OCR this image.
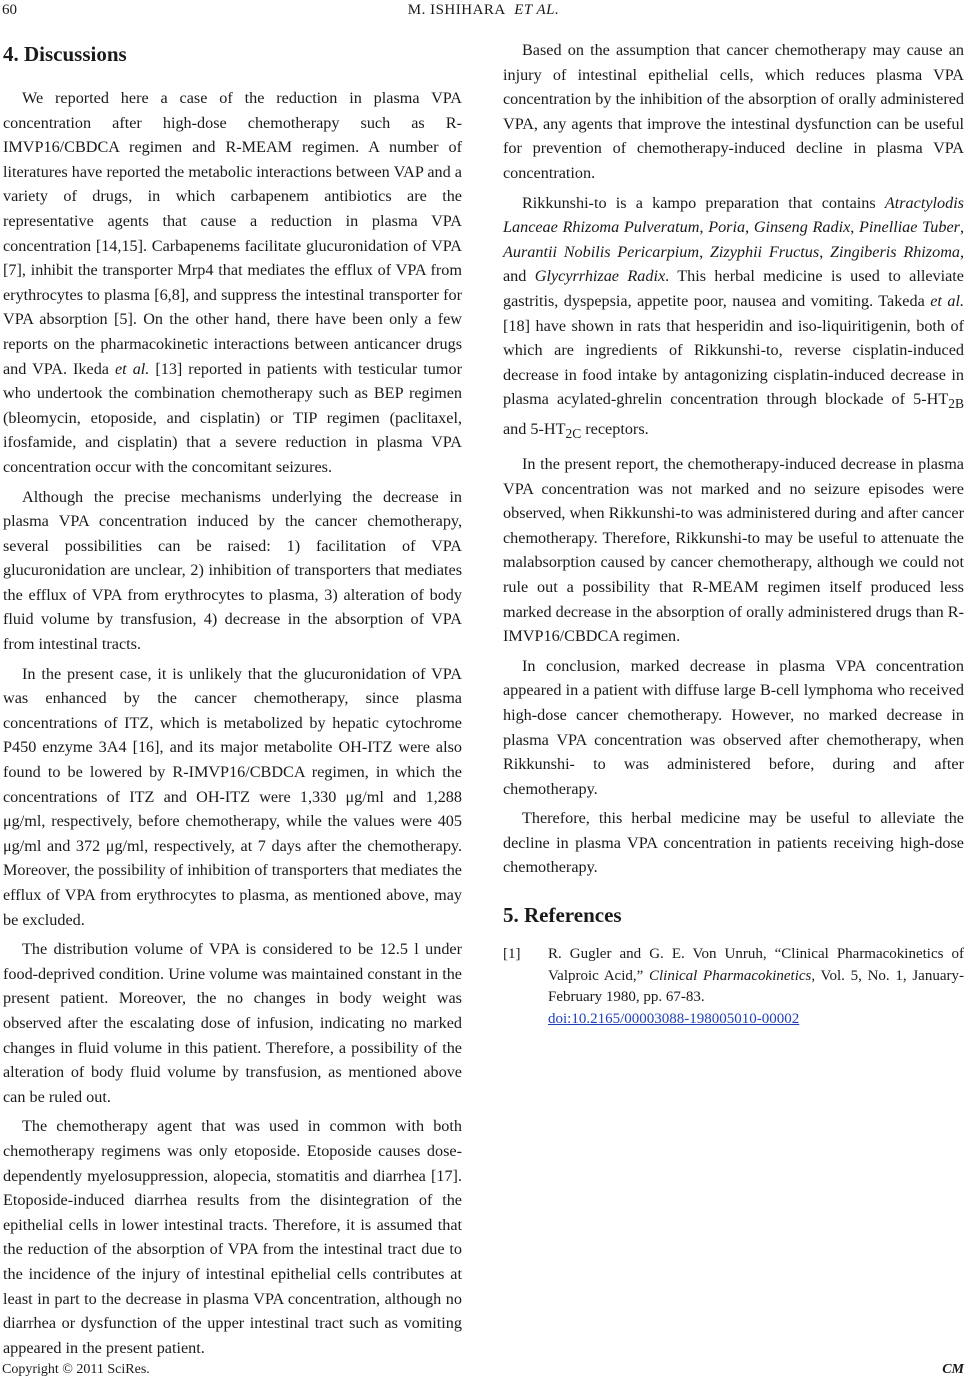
60	M. ISHIHARA ET AL.
4. Discussions

We reported here a case of the reduction in plasma VPA concentration after high-dose chemotherapy such as R-IMVP16/CBDCA regimen and R-MEAM regimen. A number of literatures have reported the metabolic interactions between VAP and a variety of drugs, in which carbapenem antibiotics are the representative agents that cause a reduction in plasma VPA concentration [14,15]. Carbapenems facilitate glucuronidation of VPA [7], inhibit the transporter Mrp4 that mediates the efflux of VPA from erythrocytes to plasma [6,8], and suppress the intestinal transporter for VPA absorption [5]. On the other hand, there have been only a few reports on the pharmacokinetic interactions between anticancer drugs and VPA. Ikeda et al. [13] reported in patients with testicular tumor who undertook the combination chemotherapy such as BEP regimen (bleomycin, etoposide, and cisplatin) or TIP regimen (paclitaxel, ifosfamide, and cisplatin) that a severe reduction in plasma VPA concentration occur with the concomitant seizures.

Although the precise mechanisms underlying the decrease in plasma VPA concentration induced by the cancer chemotherapy, several possibilities can be raised: 1) facilitation of VPA glucuronidation are unclear, 2) inhibition of transporters that mediates the efflux of VPA from erythrocytes to plasma, 3) alteration of body fluid volume by transfusion, 4) decrease in the absorption of VPA from intestinal tracts.

In the present case, it is unlikely that the glucuronidation of VPA was enhanced by the cancer chemotherapy, since plasma concentrations of ITZ, which is metabolized by hepatic cytochrome P450 enzyme 3A4 [16], and its major metabolite OH-ITZ were also found to be lowered by R-IMVP16/CBDCA regimen, in which the concentrations of ITZ and OH-ITZ were 1,330 μg/ml and 1,288 μg/ml, respectively, before chemotherapy, while the values were 405 μg/ml and 372 μg/ml, respectively, at 7 days after the chemotherapy. Moreover, the possibility of inhibition of transporters that mediates the efflux of VPA from erythrocytes to plasma, as mentioned above, may be excluded.

The distribution volume of VPA is considered to be 12.5 l under food-deprived condition. Urine volume was maintained constant in the present patient. Moreover, the no changes in body weight was observed after the escalating dose of infusion, indicating no marked changes in fluid volume in this patient. Therefore, a possibility of the alteration of body fluid volume by transfusion, as mentioned above can be ruled out.

The chemotherapy agent that was used in common with both chemotherapy regimens was only etoposide. Etoposide causes dose-dependently myelosuppression, alopecia, stomatitis and diarrhea [17]. Etoposide-induced diarrhea results from the disintegration of the epithelial cells in lower intestinal tracts. Therefore, it is assumed that the reduction of the absorption of VPA from the intestinal tract due to the incidence of the injury of intestinal epithelial cells contributes at least in part to the decrease in plasma VPA concentration, although no diarrhea or dysfunction of the upper intestinal tract such as vomiting appeared in the present patient.

Based on the assumption that cancer chemotherapy may cause an injury of intestinal epithelial cells, which reduces plasma VPA concentration by the inhibition of the absorption of orally administered VPA, any agents that improve the intestinal dysfunction can be useful for prevention of chemotherapy-induced decline in plasma VPA concentration.

Rikkunshi-to is a kampo preparation that contains Atractylodis Lanceae Rhizoma Pulveratum, Poria, Ginseng Radix, Pinelliae Tuber, Aurantii Nobilis Pericarpium, Zizyphii Fructus, Zingiberis Rhizoma, and Glycyrrhizae Radix. This herbal medicine is used to alleviate gastritis, dyspepsia, appetite poor, nausea and vomiting. Takeda et al. [18] have shown in rats that hesperidin and iso-liquiritigenin, both of which are ingredients of Rikkunshi-to, reverse cisplatin-induced decrease in food intake by antagonizing cisplatin-induced decrease in plasma acylated-ghrelin concentration through blockade of $5-HT_{2B}$ and $5-HT_{2C}$ receptors.

In the present report, the chemotherapy-induced decrease in plasma VPA concentration was not marked and no seizure episodes were observed, when Rikkunshi-to was administered during and after cancer chemotherapy. Therefore, Rikkunshi-to may be useful to attenuate the malabsorption caused by cancer chemotherapy, although we could not rule out a possibility that R-MEAM regimen itself produced less marked decrease in the absorption of orally administered drugs than R-IMVP16/CBDCA regimen.

In conclusion, marked decrease in plasma VPA concentration appeared in a patient with diffuse large B-cell lymphoma who received high-dose cancer chemotherapy. However, no marked decrease in plasma VPA concentration was observed after chemotherapy, when Rikkunshi- to was administered before, during and after chemotherapy.

Therefore, this herbal medicine may be useful to alleviate the decline in plasma VPA concentration in patients receiving high-dose chemotherapy.

5. References
[1]	R. Gugler and G. E. Von Unruh, “Clinical Pharmacokinetics of Valproic Acid,” Clinical Pharmacokinetics, Vol. 5, No. 1, January-February 1980, pp. 67-83.
doi:10.2165/00003088-198005010-00002
Copyright © 2011 SciRes.	CM
